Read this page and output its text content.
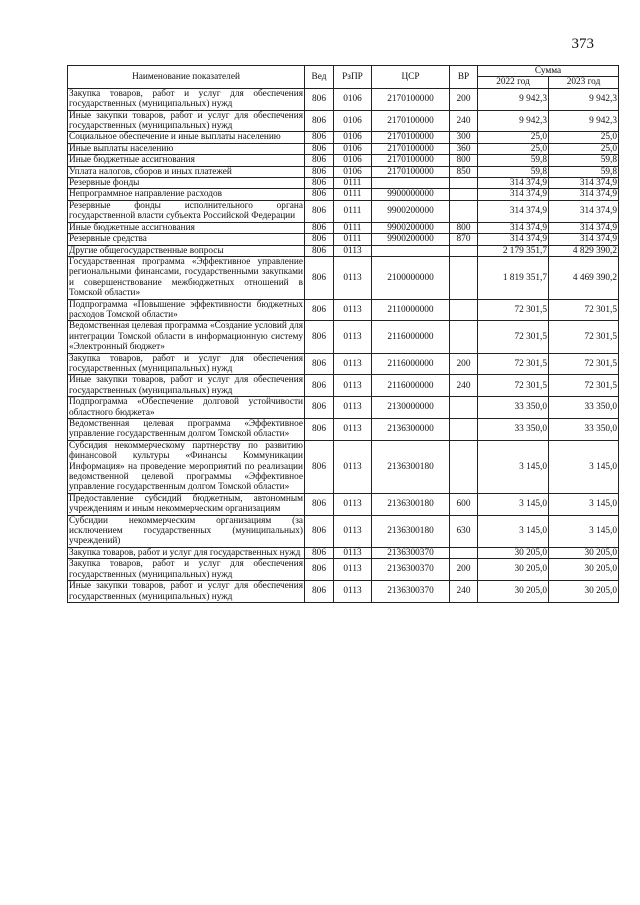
373
Наименование показателей	Вед	РзПР	ЦСР	ВР	Сумма	
					2022 год	2023 год
Закупка товаров, работ и услуг для обеспечения государственных (муниципальных) нужд	806	0106	2170100000	200	9 942,3	9 942,3
Иные закупки товаров, работ и услуг для обеспечения государственных (муниципальных) нужд	806	0106	2170100000	240	9 942,3	9 942,3
Социальное обеспечение и иные выплаты населению	806	0106	2170100000	300	25,0	25,0
Иные выплаты населению	806	0106	2170100000	360	25,0	25,0
Иные бюджетные ассигнования	806	0106	2170100000	800	59,8	59,8
Уплата налогов, сборов и иных платежей	806	0106	2170100000	850	59,8	59,8
Резервные фонды	806	0111			314 374,9	314 374,9
Непрограммное направление расходов	806	0111	9900000000		314 374,9	314 374,9
Резервные фонды исполнительного органа государственной власти субъекта Российской Федерации	806	0111	9900200000		314 374,9	314 374,9
Иные бюджетные ассигнования	806	0111	9900200000	800	314 374,9	314 374,9
Резервные средства	806	0111	9900200000	870	314 374,9	314 374,9
Другие общегосударственные вопросы	806	0113			2 179 351,7	4 829 390,2
Государственная программа «Эффективное управление региональными финансами, государственными закупками и совершенствование межбюджетных отношений в Томской области»	806	0113	2100000000		1 819 351,7	4 469 390,2
Подпрограмма «Повышение эффективности бюджетных расходов Томской области»	806	0113	2110000000		72 301,5	72 301,5
Ведомственная целевая программа «Создание условий для интеграции Томской области в информационную систему «Электронный бюджет»	806	0113	2116000000		72 301,5	72 301,5
Закупка товаров, работ и услуг для обеспечения государственных (муниципальных) нужд	806	0113	2116000000	200	72 301,5	72 301,5
Иные закупки товаров, работ и услуг для обеспечения государственных (муниципальных) нужд	806	0113	2116000000	240	72 301,5	72 301,5
Подпрограмма «Обеспечение долговой устойчивости областного бюджета»	806	0113	2130000000		33 350,0	33 350,0
Ведомственная целевая программа «Эффективное управление государственным долгом Томской области»	806	0113	2136300000		33 350,0	33 350,0
Субсидия некоммерческому партнерству по развитию финансовой культуры «Финансы Коммуникации Информация» на проведение мероприятий по реализации ведомственной целевой программы «Эффективное управление государственным долгом Томской области»	806	0113	2136300180		3 145,0	3 145,0
Предоставление субсидий бюджетным, автономным учреждениям и иным некоммерческим организациям	806	0113	2136300180	600	3 145,0	3 145,0
Субсидии некоммерческим организациям (за исключением государственных (муниципальных) учреждений)	806	0113	2136300180	630	3 145,0	3 145,0
Закупка товаров, работ и услуг для государственных нужд	806	0113	2136300370		30 205,0	30 205,0
Закупка товаров, работ и услуг для обеспечения государственных (муниципальных) нужд	806	0113	2136300370	200	30 205,0	30 205,0
Иные закупки товаров, работ и услуг для обеспечения государственных (муниципальных) нужд	806	0113	2136300370	240	30 205,0	30 205,0
